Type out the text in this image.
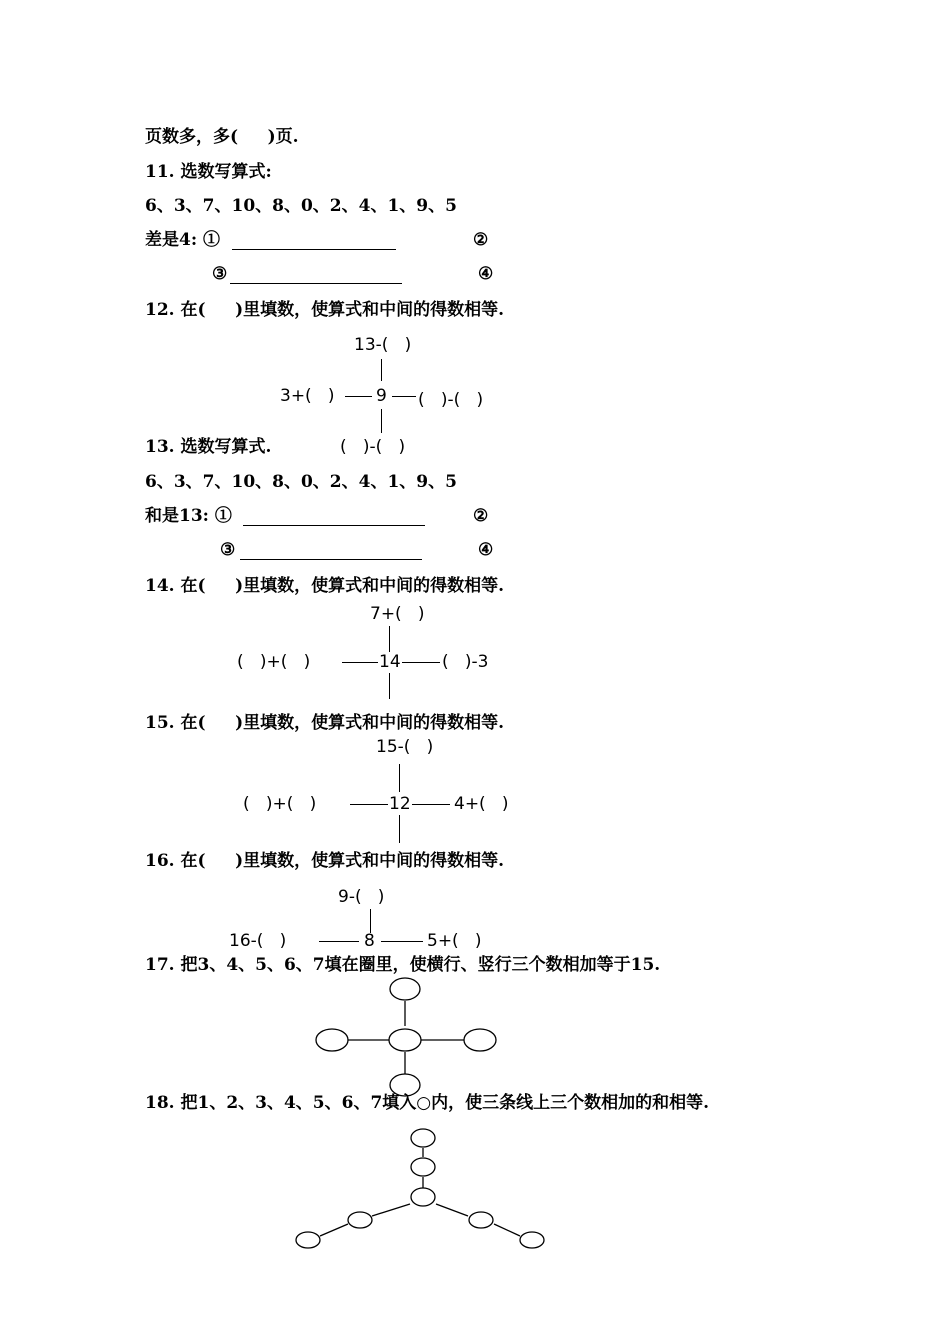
页数多，多(     )页.
11. 选数写算式:
6、3、7、10、8、0、2、4、1、9、5
差是4: ①	②
③	④
12. 在(     )里填数，使算式和中间的得数相等.
13-(   )
3+(   ) 9 (   )-(   )
13. 选数写算式.	(   )-(   )
6、3、7、10、8、0、2、4、1、9、5
和是13: ①	②
③	④
14. 在(     )里填数，使算式和中间的得数相等.
7+(   )
(   )+(   )	14 (   )-3
15. 在(     )里填数，使算式和中间的得数相等.
15-(   )
(   )+(   )	12	4+(   )
16. 在(     )里填数，使算式和中间的得数相等.
9-(   )
16-(   )	8	5+(   )
17. 把3、4、5、6、7填在圈里，使横行、竖行三个数相加等于15.
18. 把1、2、3、4、5、6、7填入○内，使三条线上三个数相加的和相等.
